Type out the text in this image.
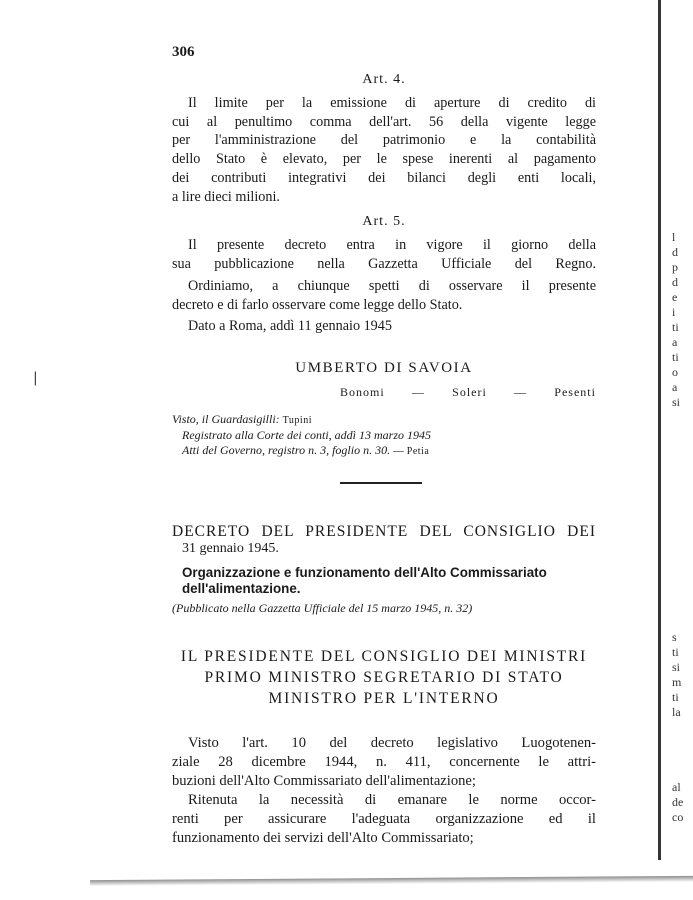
|
l
d
p
d
e
i
ti
a
ti
o
a
si
s
ti
si
m
ti
la
al
de
co
306

Art. 4.

Il limite per la emissione di aperture di credito di
cui al penultimo comma dell'art. 56 della vigente legge
per l'amministrazione del patrimonio e la contabilità
dello Stato è elevato, per le spese inerenti al pagamento
dei contributi integrativi dei bilanci degli enti locali,
a lire dieci milioni.

Art. 5.

Il presente decreto entra in vigore il giorno della
sua pubblicazione nella Gazzetta Ufficiale del Regno.
Ordiniamo, a chiunque spetti di osservare il presente
decreto e di farlo osservare come legge dello Stato.
Dato a Roma, addì 11 gennaio 1945

UMBERTO DI SAVOIA

Bonomi — Soleri — Pesenti
Visto, il Guardasigilli: Tupini
Registrato alla Corte dei conti, addì 13 marzo 1945
Atti del Governo, registro n. 3, foglio n. 30. — Petia
DECRETO DEL PRESIDENTE DEL CONSIGLIO DEI
31 gennaio 1945.
Organizzazione e funzionamento dell'Alto Commissariato
dell'alimentazione.
(Pubblicato nella Gazzetta Ufficiale del 15 marzo 1945, n. 32)

IL PRESIDENTE DEL CONSIGLIO DEI MINISTRI

PRIMO MINISTRO SEGRETARIO DI STATO

MINISTRO PER L'INTERNO

Visto l'art. 10 del decreto legislativo Luogotenen-
ziale 28 dicembre 1944, n. 411, concernente le attri-
buzioni dell'Alto Commissariato dell'alimentazione;
Ritenuta la necessità di emanare le norme occor-
renti per assicurare l'adeguata organizzazione ed il
funzionamento dei servizi dell'Alto Commissariato;
